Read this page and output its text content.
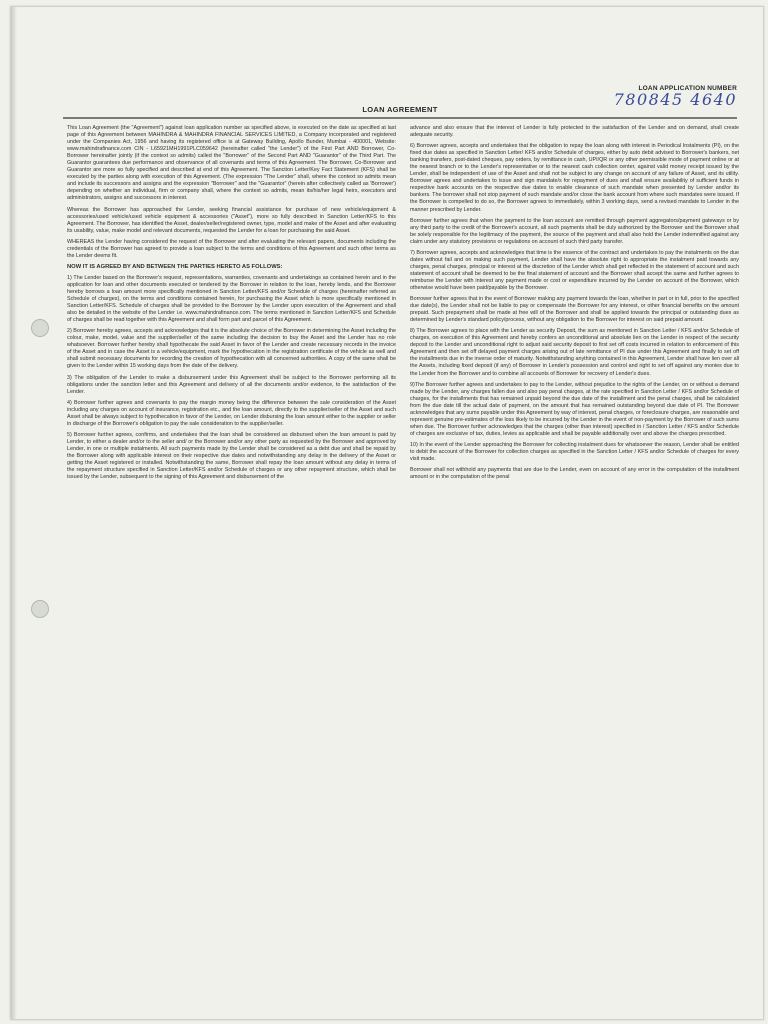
LOAN APPLICATION NUMBER
780845 4640
LOAN AGREEMENT

This Loan Agreement (the "Agreement") against loan application number as specified above, is executed on the date as specified at last page of this Agreement between MAHINDRA & MAHINDRA FINANCIAL SERVICES LIMITED, a Company incorporated and registered under the Companies Act, 1956 and having its registered office is at Gateway Building, Apollo Bunder, Mumbai - 400001, Website: www.mahindrafinance.com CIN - L65921MH1991PLC059642 (hereinafter called "the Lender") of the First Part AND Borrower, Co-Borrower hereinafter jointly (if the context so admits) called the "Borrower" of the Second Part AND "Guarantor" of the Third Part. The Guarantor guarantees due performance and observance of all covenants and terms of this Agreement. The Borrower, Co-Borrower and Guarantor are more so fully specified and described at end of this Agreement. The Sanction Letter/Key Fact Statement (KFS) shall be executed by the parties along with execution of this Agreement. (The expression "The Lender" shall, where the context so admits mean and include its successors and assigns and the expression "Borrower" and the "Guarantor" (herein after collectively called as 'Borrower') depending on whether an individual, firm or company shall, where the context so admits, mean its/his/her legal heirs, executors and administrators, assigns and successors in interest.

Whereas the Borrower has approached the Lender, seeking financial assistance for purchase of new vehicle/equipment & accessories/used vehicle/used vehicle equipment & accessories ("Asset"), more so fully described in Sanction Letter/KFS to this Agreement. The Borrower, has identified the Asset, dealer/seller/registered owner, type, model and make of the Asset and after evaluating its usability, value, make model and relevant documents, requested the Lender for a loan for purchasing the said Asset.

WHEREAS the Lender having considered the request of the Borrower and after evaluating the relevant papers, documents including the credentials of the Borrower has agreed to provide a loan subject to the terms and conditions of this Agreement and such other terms as the Lender deems fit.

NOW IT IS AGREED BY AND BETWEEN THE PARTIES HERETO AS FOLLOWS:

1) The Lender based on the Borrower's request, representations, warranties, covenants and undertakings as contained herein and in the application for loan and other documents executed or tendered by the Borrower in relation to the loan, hereby lends, and the Borrower hereby borrows a loan amount more specifically mentioned in Sanction Letter/KFS and/or Schedule of charges (hereinafter referred as Schedule of charges), on the terms and conditions contained herein, for purchasing the Asset which is more specifically mentioned in Sanction Letter/KFS. Schedule of charges shall be provided to the Borrower by the Lender upon execution of the Agreement and shall also be detailed in the website of the Lender i.e. www.mahindrafinance.com. The terms mentioned in Sanction Letter/KFS and Schedule of charges shall be read together with this Agreement and shall form part and parcel of this Agreement.

2) Borrower hereby agrees, accepts and acknowledges that it is the absolute choice of the Borrower in determining the Asset including the colour, make, model, value and the supplier/seller of the same including the decision to buy the Asset and the Lender has no role whatsoever. Borrower further hereby shall hypothecate the said Asset in favor of the Lender and create necessary records in the invoice of the Asset and in case the Asset is a vehicle/equipment, mark the hypothecation in the registration certificate of the vehicle as well and shall submit necessary documents for recording the creation of hypothecation with all concerned authorities. A copy of the same shall be given to the Lender within 15 working days from the date of the delivery.

3) The obligation of the Lender to make a disbursement under this Agreement shall be subject to the Borrower performing all its obligations under the sanction letter and this Agreement and delivery of all the documents and/or evidence, to the satisfaction of the Lender.

4) Borrower further agrees and covenants to pay the margin money being the difference between the sale consideration of the Asset including any charges on account of insurance, registration etc., and the loan amount, directly to the supplier/seller of the Asset and such Asset shall be always subject to hypothecation in favor of the Lender, on Lender disbursing the loan amount either to the supplier or seller in discharge of the Borrower's obligation to pay the sale consideration to the supplier/seller.

5) Borrower further agrees, confirms, and undertakes that the loan shall be considered as disbursed when the loan amount is paid by Lender, to either a dealer and/or to the seller and/ or the Borrower and/or any other party as requested by the Borrower and approved by Lender, in one or multiple instalments. All such payments made by the Lender shall be considered as a debt due and shall be repaid by the Borrower along with applicable interest on their respective due dates and notwithstanding any delay in the delivery of the Asset or getting the Asset registered or installed. Notwithstanding the same, Borrower shall repay the loan amount without any delay in terms of the repayment structure specified in Sanction Letter/KFS and/or Schedule of charges or any other repayment structure, which shall be issued by the Lender, subsequent to the signing of this Agreement and disbursement of the

advance and also ensure that the interest of Lender is fully protected to the satisfaction of the Lender and on demand, shall create adequate security.

6) Borrower agrees, accepts and undertakes that the obligation to repay the loan along with interest in Periodical Instalments (PI), on the fixed due dates as specified in Sanction Letter/ KFS and/or Schedule of charges, either by auto debit advised to Borrower's bankers, net banking transfers, post-dated cheques, pay orders, by remittance in cash, UPI/QR or any other permissible mode of payment online or at the nearest branch or to the Lender's representative or to the nearest cash collection center, against valid money receipt issued by the Lender, shall be independent of use of the Asset and shall not be subject to any change on account of any failure of Asset, and its utility. Borrower agrees and undertakes to issue and sign mandate/s for repayment of dues and shall ensure availability of sufficient funds in respective bank accounts on the respective due dates to enable clearance of such mandate when presented by Lender and/or its bankers. The borrower shall not stop payment of such mandate and/or close the bank account from where such mandates were issued. If the Borrower is compelled to do so, the Borrower agrees to immediately, within 3 working days, send a revised mandate to Lender in the manner prescribed by Lender.

Borrower further agrees that when the payment to the loan account are remitted through payment aggregators/payment gateways or by any third party to the credit of the Borrower's account, all such payments shall be duly authorized by the Borrower and the Borrower shall be solely responsible for the legitimacy of the payment, the source of the payment and shall also hold the Lender indemnified against any claim under any statutory provisions or regulations on account of such third party transfer.

7) Borrower agrees, accepts and acknowledges that time is the essence of the contract and undertakes to pay the instalments on the due dates without fail and on making such payment, Lender shall have the absolute right to appropriate the instalment paid towards any charges, penal charges, principal or interest at the discretion of the Lender which shall get reflected in the statement of account and such statement of account shall be deemed to be the final statement of account and the Borrower shall accept the same and further agrees to reimburse the Lender with interest any payment made or cost or expenditure incurred by the Lender on account of the Borrower, which otherwise would have been paid/payable by the Borrower.

Borrower further agrees that in the event of Borrower making any payment towards the loan, whether in part or in full, prior to the specified due date(s), the Lender shall not be liable to pay or compensate the Borrower for any interest, or other financial benefits on the amount prepaid. Such prepayment shall be made at free will of the Borrower and shall be applied towards the principal or outstanding dues as determined by Lender's standard policy/process, without any obligation to the Borrower for interest on said prepaid amount.

8) The Borrower agrees to place with the Lender as security Deposit, the sum as mentioned in Sanction Letter / KFS and/or Schedule of charges, on execution of this Agreement and hereby confers an unconditional and absolute lien on the Lender in respect of the security deposit to the Lender and unconditional right to adjust said security deposit to first set off costs incurred in relation to enforcement of this Agreement and then set off delayed payment charges arising out of late remittance of PI due under this Agreement and finally to set off the installments due in the inverse order of maturity. Notwithstanding anything contained in this Agreement, Lender shall have lien over all the Assets, including fixed deposit (if any) of Borrower in Lender's possession and control and right to set off against any monies due to the Lender from the Borrower and to combine all accounts of Borrower for recovery of Lender's dues.

9)The Borrower further agrees and undertakes to pay to the Lender, without prejudice to the rights of the Lender, on or without a demand made by the Lender, any charges fallen due and also pay penal charges, at the rate specified in Sanction Letter / KFS and/or Schedule of charges, for the installments that has remained unpaid beyond the due date of the installment and the penal charges, shall be calculated from the due date till the actual date of payment, on the amount that has remained outstanding beyond due date of PI. The Borrower acknowledges that any sums payable under this Agreement by way of interest, penal charges, or foreclosure charges, are reasonable and represent genuine pre-estimates of the loss likely to be incurred by the Lender in the event of non-payment by the Borrower of such sums when due. The Borrower further acknowledges that the charges (other than interest) specified in / Sanction Letter / KFS and/or Schedule of charges are exclusive of tax, duties, levies as applicable and shall be payable additionally over and above the charges prescribed.

10) In the event of the Lender approaching the Borrower for collecting instalment dues for whatsoever the reason, Lender shall be entitled to debit the account of the Borrower for collection charges as specified in the Sanction Letter / KFS and/or Schedule of charges for every visit made.

Borrower shall not withhold any payments that are due to the Lender, even on account of any error in the computation of the installment amount or in the computation of the penal
